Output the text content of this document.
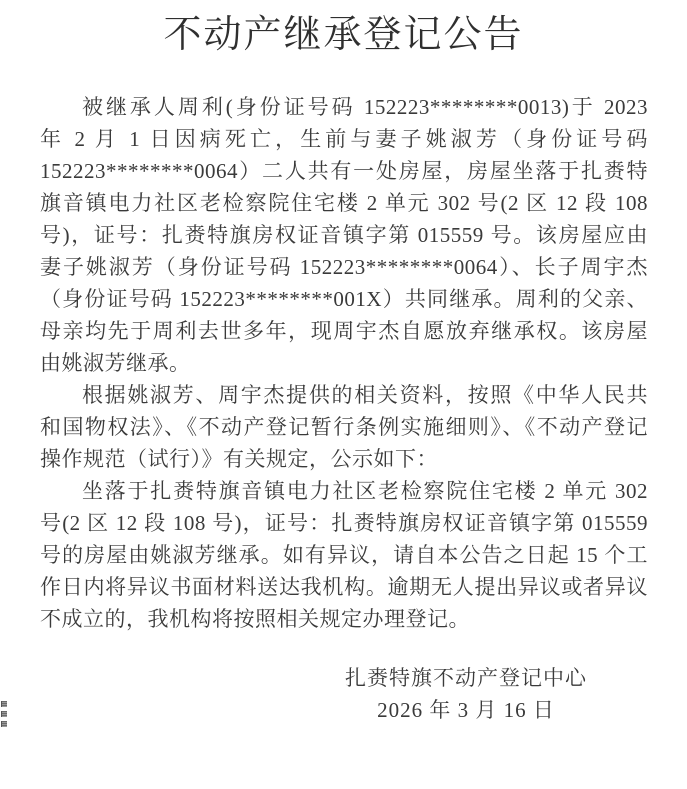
不动产继承登记公告
被继承人周利(身份证号码 152223********0013)于 2023
年 2 月 1 日因病死亡，生前与妻子姚淑芳（身份证号码
152223********0064）二人共有一处房屋，房屋坐落于扎赉特
旗音镇电力社区老检察院住宅楼 2 单元 302 号(2 区 12 段 108
号)，证号：扎赉特旗房权证音镇字第 015559 号。该房屋应由
妻子姚淑芳（身份证号码 152223********0064）、长子周宇杰
（身份证号码 152223********001X）共同继承。周利的父亲、
母亲均先于周利去世多年，现周宇杰自愿放弃继承权。该房屋
由姚淑芳继承。
根据姚淑芳、周宇杰提供的相关资料，按照《中华人民共
和国物权法》、《不动产登记暂行条例实施细则》、《不动产登记
操作规范（试行）》有关规定，公示如下：
坐落于扎赉特旗音镇电力社区老检察院住宅楼 2 单元 302
号(2 区 12 段 108 号)，证号：扎赉特旗房权证音镇字第 015559
号的房屋由姚淑芳继承。如有异议，请自本公告之日起 15 个工
作日内将异议书面材料送达我机构。逾期无人提出异议或者异议
不成立的，我机构将按照相关规定办理登记。
扎赉特旗不动产登记中心
2026 年 3 月 16 日
